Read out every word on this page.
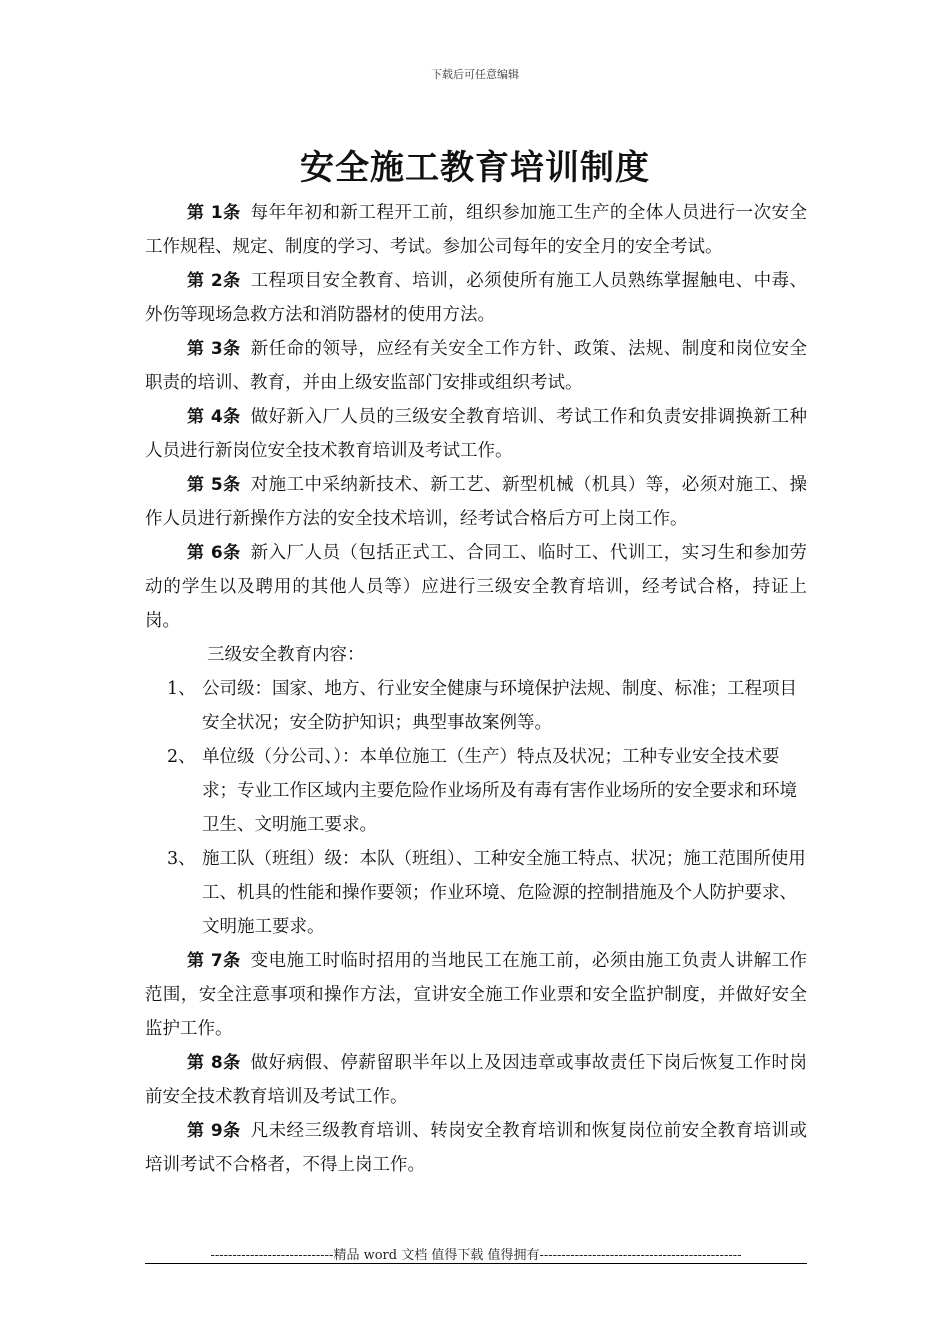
下载后可任意编辑
安全施工教育培训制度

第 1条 每年年初和新工程开工前，组织参加施工生产的全体人员进行一次安全工作规程、规定、制度的学习、考试。参加公司每年的安全月的安全考试。

第 2条 工程项目安全教育、培训，必须使所有施工人员熟练掌握触电、中毒、外伤等现场急救方法和消防器材的使用方法。

第 3条 新任命的领导，应经有关安全工作方针、政策、法规、制度和岗位安全职责的培训、教育，并由上级安监部门安排或组织考试。

第 4条 做好新入厂人员的三级安全教育培训、考试工作和负责安排调换新工种人员进行新岗位安全技术教育培训及考试工作。

第 5条 对施工中采纳新技术、新工艺、新型机械（机具）等，必须对施工、操作人员进行新操作方法的安全技术培训，经考试合格后方可上岗工作。

第 6条 新入厂人员（包括正式工、合同工、临时工、代训工，实习生和参加劳动的学生以及聘用的其他人员等）应进行三级安全教育培训，经考试合格，持证上岗。

三级安全教育内容：

1、 公司级：国家、地方、行业安全健康与环境保护法规、制度、标准；工程项目安全状况；安全防护知识；典型事故案例等。
2、 单位级（分公司、）：本单位施工（生产）特点及状况；工种专业安全技术要求；专业工作区域内主要危险作业场所及有毒有害作业场所的安全要求和环境卫生、文明施工要求。
3、 施工队（班组）级：本队（班组）、工种安全施工特点、状况；施工范围所使用工、机具的性能和操作要领；作业环境、危险源的控制措施及个人防护要求、文明施工要求。

第 7条 变电施工时临时招用的当地民工在施工前，必须由施工负责人讲解工作范围，安全注意事项和操作方法，宣讲安全施工作业票和安全监护制度，并做好安全监护工作。

第 8条 做好病假、停薪留职半年以上及因违章或事故责任下岗后恢复工作时岗前安全技术教育培训及考试工作。

第 9条 凡未经三级教育培训、转岗安全教育培训和恢复岗位前安全教育培训或培训考试不合格者，不得上岗工作。

----------------------------精品 word 文档 值得下载 值得拥有----------------------------------------------
